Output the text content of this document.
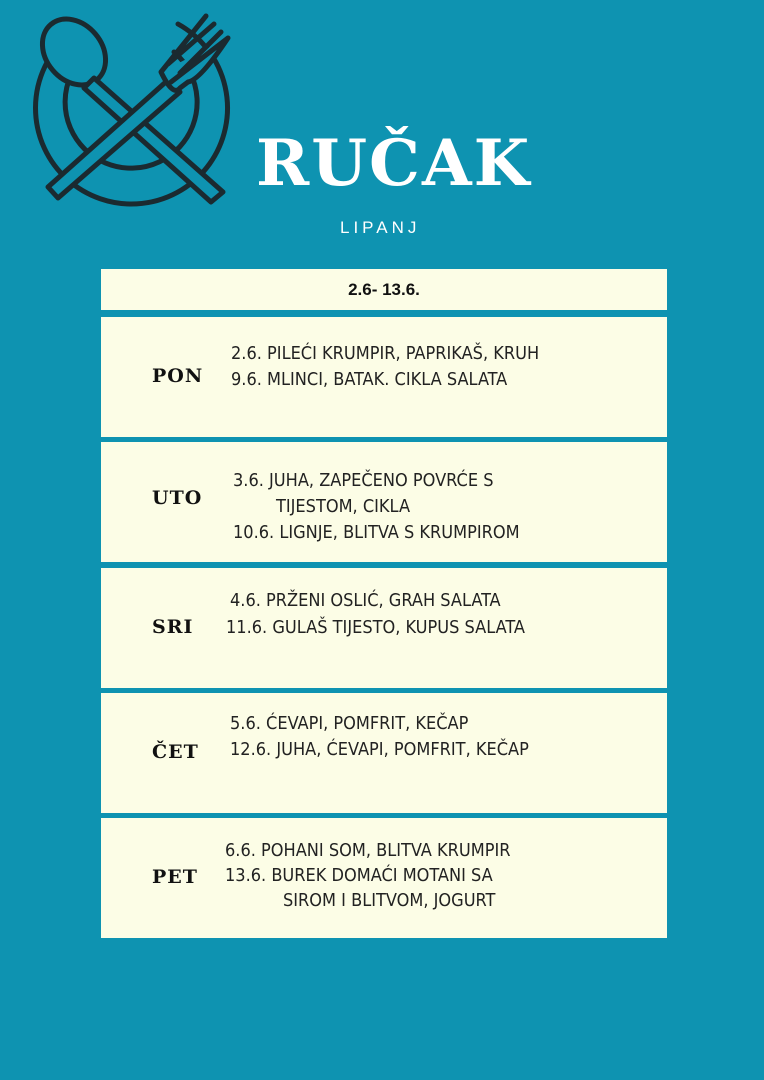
RUČAK
LIPANJ
2.6- 13.6.
PON
2.6. PILEĆI KRUMPIR, PAPRIKAŠ, KRUH
9.6. MLINCI, BATAK. CIKLA SALATA
UTO
3.6. JUHA, ZAPEČENO POVRĆE S
TIJESTOM, CIKLA
10.6. LIGNJE, BLITVA S KRUMPIROM
SRI
4.6. PRŽENI OSLIĆ, GRAH SALATA
11.6. GULAŠ TIJESTO, KUPUS SALATA
ČET
5.6. ĆEVAPI, POMFRIT, KEČAP
12.6. JUHA, ĆEVAPI, POMFRIT, KEČAP
PET
6.6. POHANI SOM, BLITVA KRUMPIR
13.6. BUREK DOMAĆI MOTANI SA
SIROM I BLITVOM, JOGURT
